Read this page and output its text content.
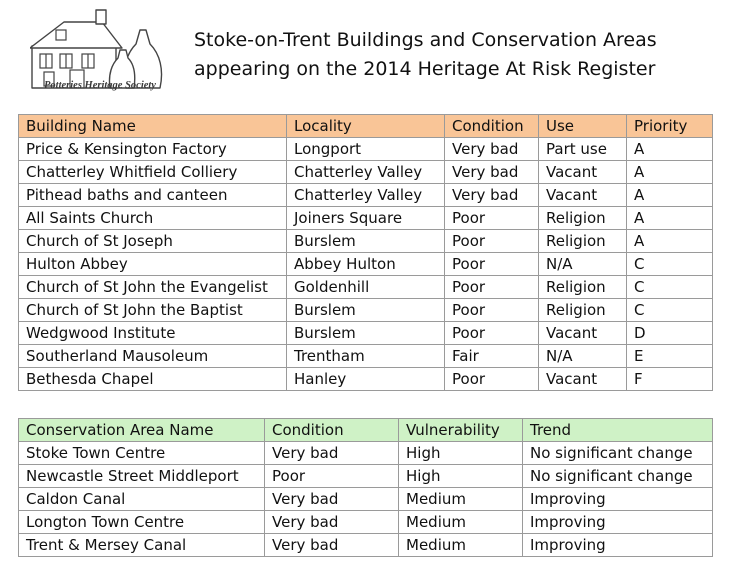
Potteries Heritage Society
Stoke-on-Trent Buildings and Conservation Areas
appearing on the 2014 Heritage At Risk Register
Building Name	Locality	Condition	Use	Priority
Price & Kensington Factory	Longport	Very bad	Part use	A
Chatterley Whitfield Colliery	Chatterley Valley	Very bad	Vacant	A
Pithead baths and canteen	Chatterley Valley	Very bad	Vacant	A
All Saints Church	Joiners Square	Poor	Religion	A
Church of St Joseph	Burslem	Poor	Religion	A
Hulton Abbey	Abbey Hulton	Poor	N/A	C
Church of St John the Evangelist	Goldenhill	Poor	Religion	C
Church of St John the Baptist	Burslem	Poor	Religion	C
Wedgwood Institute	Burslem	Poor	Vacant	D
Southerland Mausoleum	Trentham	Fair	N/A	E
Bethesda Chapel	Hanley	Poor	Vacant	F
Conservation Area Name	Condition	Vulnerability	Trend
Stoke Town Centre	Very bad	High	No significant change
Newcastle Street Middleport	Poor	High	No significant change
Caldon Canal	Very bad	Medium	Improving
Longton Town Centre	Very bad	Medium	Improving
Trent & Mersey Canal	Very bad	Medium	Improving
